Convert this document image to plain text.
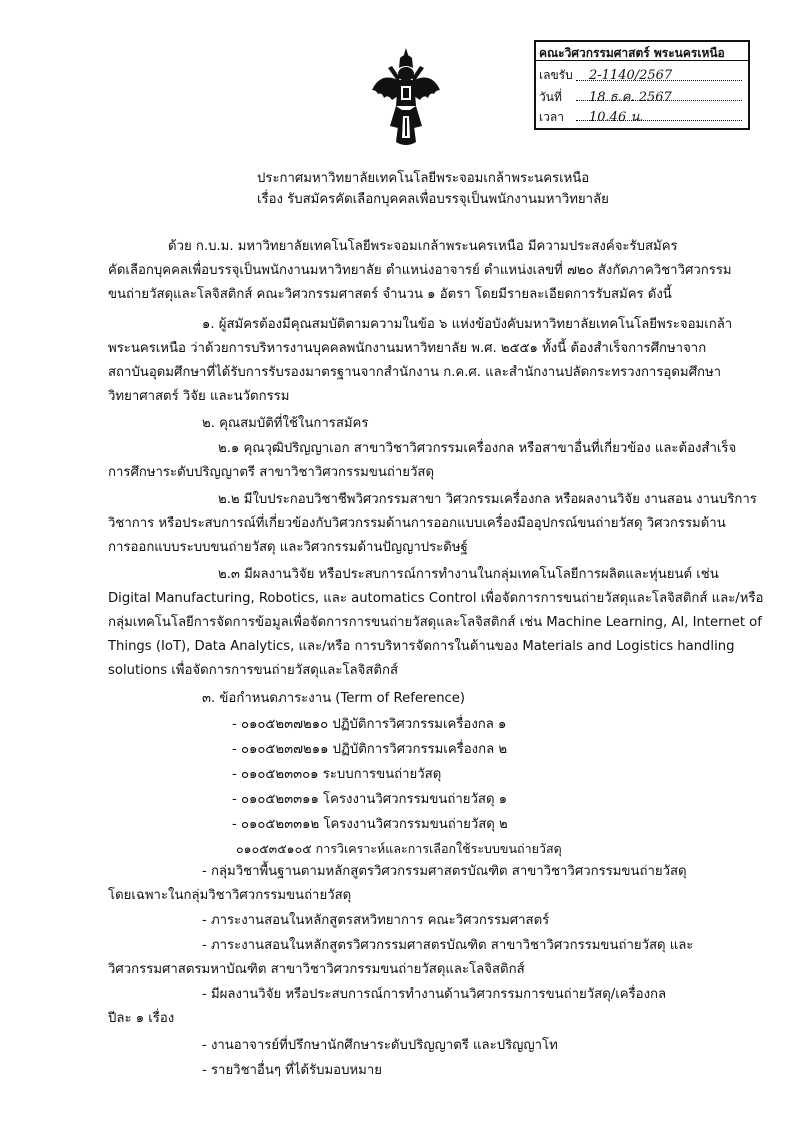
คณะวิศวกรรมศาสตร์ พระนครเหนือ
เลขรับ 2-1140/2567
วันที่ 18 ธ.ค. 2567
เวลา 10.46 น.
ประกาศมหาวิทยาลัยเทคโนโลยีพระจอมเกล้าพระนครเหนือ
เรื่อง รับสมัครคัดเลือกบุคคลเพื่อบรรจุเป็นพนักงานมหาวิทยาลัย
ด้วย ก.บ.ม. มหาวิทยาลัยเทคโนโลยีพระจอมเกล้าพระนครเหนือ มีความประสงค์จะรับสมัคร
คัดเลือกบุคคลเพื่อบรรจุเป็นพนักงานมหาวิทยาลัย ตำแหน่งอาจารย์ ตำแหน่งเลขที่ ๗๒๐ สังกัดภาควิชาวิศวกรรม
ขนถ่ายวัสดุและโลจิสติกส์ คณะวิศวกรรมศาสตร์ จำนวน ๑ อัตรา โดยมีรายละเอียดการรับสมัคร ดังนี้
๑. ผู้สมัครต้องมีคุณสมบัติตามความในข้อ ๖ แห่งข้อบังคับมหาวิทยาลัยเทคโนโลยีพระจอมเกล้า
พระนครเหนือ ว่าด้วยการบริหารงานบุคคลพนักงานมหาวิทยาลัย พ.ศ. ๒๕๕๑ ทั้งนี้ ต้องสำเร็จการศึกษาจาก
สถาบันอุดมศึกษาที่ได้รับการรับรองมาตรฐานจากสำนักงาน ก.ค.ศ. และสำนักงานปลัดกระทรวงการอุดมศึกษา
วิทยาศาสตร์ วิจัย และนวัตกรรม
๒. คุณสมบัติที่ใช้ในการสมัคร
๒.๑ คุณวุฒิปริญญาเอก สาขาวิชาวิศวกรรมเครื่องกล หรือสาขาอื่นที่เกี่ยวข้อง และต้องสำเร็จ
การศึกษาระดับปริญญาตรี สาขาวิชาวิศวกรรมขนถ่ายวัสดุ
๒.๒ มีใบประกอบวิชาชีพวิศวกรรมสาขา วิศวกรรมเครื่องกล หรือผลงานวิจัย งานสอน งานบริการ
วิชาการ หรือประสบการณ์ที่เกี่ยวข้องกับวิศวกรรมด้านการออกแบบเครื่องมืออุปกรณ์ขนถ่ายวัสดุ วิศวกรรมด้าน
การออกแบบระบบขนถ่ายวัสดุ และวิศวกรรมด้านปัญญาประดิษฐ์
๒.๓ มีผลงานวิจัย หรือประสบการณ์การทำงานในกลุ่มเทคโนโลยีการผลิตและหุ่นยนต์ เช่น
Digital Manufacturing, Robotics, และ automatics Control เพื่อจัดการการขนถ่ายวัสดุและโลจิสติกส์ และ/หรือ
กลุ่มเทคโนโลยีการจัดการข้อมูลเพื่อจัดการการขนถ่ายวัสดุและโลจิสติกส์ เช่น Machine Learning, AI, Internet of
Things (IoT), Data Analytics, และ/หรือ การบริหารจัดการในด้านของ Materials and Logistics handling
solutions เพื่อจัดการการขนถ่ายวัสดุและโลจิสติกส์
๓. ข้อกำหนดภาระงาน (Term of Reference)
- ๐๑๐๕๒๓๗๒๑๐ ปฏิบัติการวิศวกรรมเครื่องกล ๑
- ๐๑๐๕๒๓๗๒๑๑ ปฏิบัติการวิศวกรรมเครื่องกล ๒
- ๐๑๐๕๒๓๓๐๑ ระบบการขนถ่ายวัสดุ
- ๐๑๐๕๒๓๓๑๑ โครงงานวิศวกรรมขนถ่ายวัสดุ ๑
- ๐๑๐๕๒๓๓๑๒ โครงงานวิศวกรรมขนถ่ายวัสดุ ๒
๐๑๐๕๓๕๑๐๕ การวิเคราะห์และการเลือกใช้ระบบขนถ่ายวัสดุ
- กลุ่มวิชาพื้นฐานตามหลักสูตรวิศวกรรมศาสตรบัณฑิต สาขาวิชาวิศวกรรมขนถ่ายวัสดุ
โดยเฉพาะในกลุ่มวิชาวิศวกรรมขนถ่ายวัสดุ
- ภาระงานสอนในหลักสูตรสหวิทยาการ คณะวิศวกรรมศาสตร์
- ภาระงานสอนในหลักสูตรวิศวกรรมศาสตรบัณฑิต สาขาวิชาวิศวกรรมขนถ่ายวัสดุ และ
วิศวกรรมศาสตรมหาบัณฑิต สาขาวิชาวิศวกรรมขนถ่ายวัสดุและโลจิสติกส์
- มีผลงานวิจัย หรือประสบการณ์การทำงานด้านวิศวกรรมการขนถ่ายวัสดุ/เครื่องกล
ปีละ ๑ เรื่อง
- งานอาจารย์ที่ปรึกษานักศึกษาระดับปริญญาตรี และปริญญาโท
- รายวิชาอื่นๆ ที่ได้รับมอบหมาย
